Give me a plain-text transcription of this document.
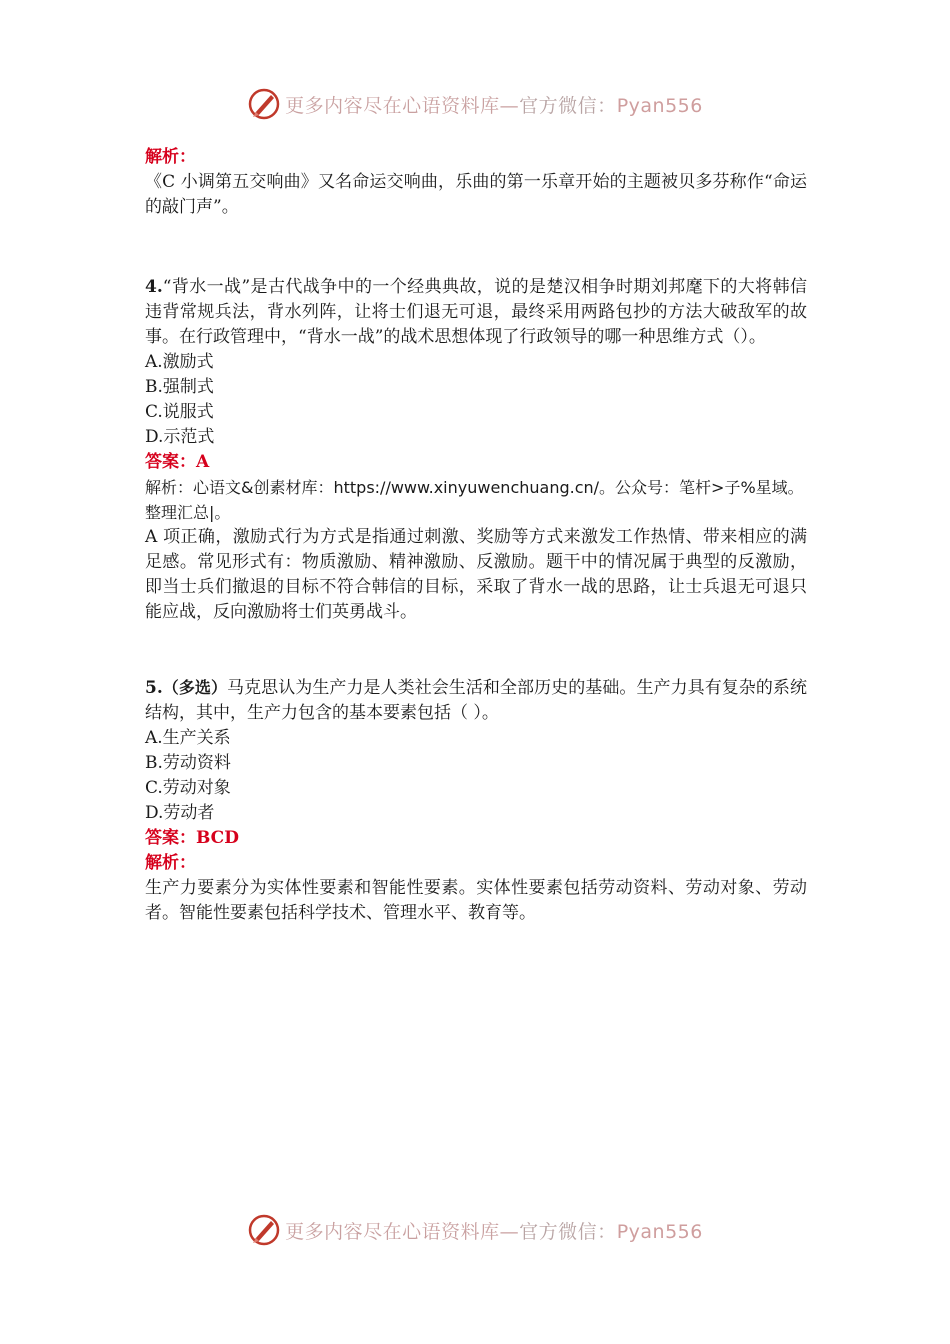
更多内容尽在心语资料库—官方微信：Pyan556

解析：

《C 小调第五交响曲》又名命运交响曲，乐曲的第一乐章开始的主题被贝多芬称作“命运的敲门声”。

4.“背水一战”是古代战争中的一个经典典故，说的是楚汉相争时期刘邦麾下的大将韩信违背常规兵法，背水列阵，让将士们退无可退，最终采用两路包抄的方法大破敌军的故事。在行政管理中，“背水一战”的战术思想体现了行政领导的哪一种思维方式（）。

A.激励式

B.强制式

C.说服式

D.示范式

答案：A

解析：心语文&创素材库：https://www.xinyuwenchuang.cn/。公众号：笔杆>子%星域。整理汇总|。

A 项正确，激励式行为方式是指通过刺激、奖励等方式来激发工作热情、带来相应的满足感。常见形式有：物质激励、精神激励、反激励。题干中的情况属于典型的反激励，即当士兵们撤退的目标不符合韩信的目标，采取了背水一战的思路，让士兵退无可退只能应战，反向激励将士们英勇战斗。

5.（多选）马克思认为生产力是人类社会生活和全部历史的基础。生产力具有复杂的系统结构，其中，生产力包含的基本要素包括（ ）。

A.生产关系

B.劳动资料

C.劳动对象

D.劳动者

答案：BCD

解析：

生产力要素分为实体性要素和智能性要素。实体性要素包括劳动资料、劳动对象、劳动者。智能性要素包括科学技术、管理水平、教育等。

更多内容尽在心语资料库—官方微信：Pyan556
